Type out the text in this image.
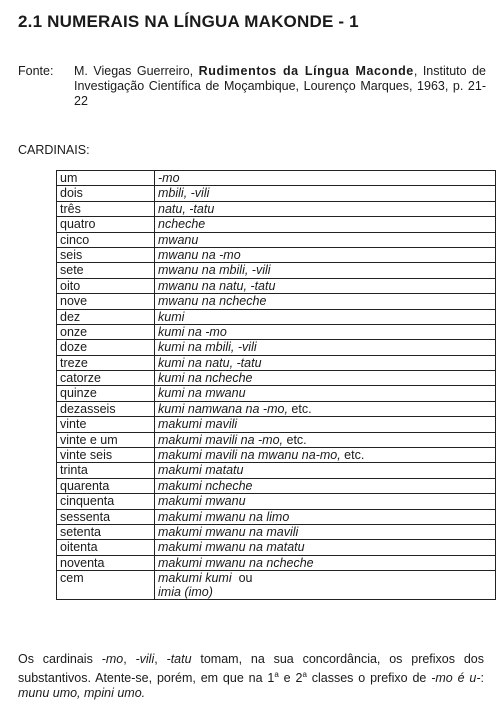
2.1 NUMERAIS NA LÍNGUA MAKONDE - 1
Fonte: M. Viegas Guerreiro, Rudimentos da Língua Maconde, Instituto de Investigação Científica de Moçambique, Lourenço Marques, 1963, p. 21-22
CARDINAIS:
um	-mo
dois	mbili, -vili
três	natu, -tatu
quatro	ncheche
cinco	mwanu
seis	mwanu na -mo
sete	mwanu na mbili, -vili
oito	mwanu na natu, -tatu
nove	mwanu na ncheche
dez	kumi
onze	kumi na -mo
doze	kumi na mbili, -vili
treze	kumi na natu, -tatu
catorze	kumi na ncheche
quinze	kumi na mwanu
dezasseis	kumi namwana na -mo, etc.
vinte	makumi mavili
vinte e um	makumi mavili na -mo, etc.
vinte seis	makumi mavili na mwanu na-mo, etc.
trinta	makumi matatu
quarenta	makumi ncheche
cinquenta	makumi mwanu
sessenta	makumi mwanu na limo
setenta	makumi mwanu na mavili
oitenta	makumi mwanu na matatu
noventa	makumi mwanu na ncheche
cem	makumi kumi  ou
imia (imo)
Os cardinais -mo, -vili, -tatu tomam, na sua concordância, os prefixos dos substantivos. Atente-se, porém, em que na 1$^a$ e 2$^a$ classes o prefixo de -mo é u-: munu umo, mpini umo.
